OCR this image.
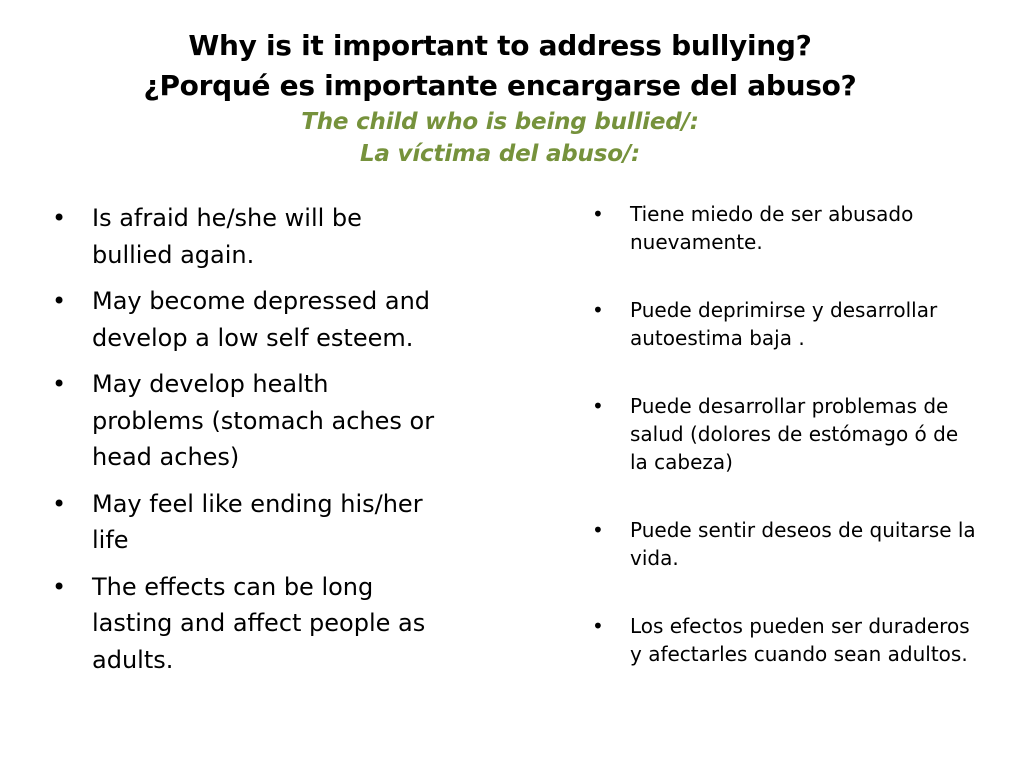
Why is it important to address bullying?
¿Porqué es importante encargarse del abuso?
The child who is being bullied/:
La víctima del abuso/:
• Is afraid he/she will be bullied again.
• May become depressed and develop a low self esteem.
• May develop health problems (stomach aches or head aches)
• May feel like ending his/her life
• The effects can be long lasting and affect people as adults.
• Tiene miedo de ser abusado nuevamente.
• Puede deprimirse y desarrollar autoestima baja .
• Puede desarrollar problemas de salud (dolores de estómago ó de la cabeza)
• Puede sentir deseos de quitarse la vida.
• Los efectos pueden ser duraderos y afectarles cuando sean adultos.
